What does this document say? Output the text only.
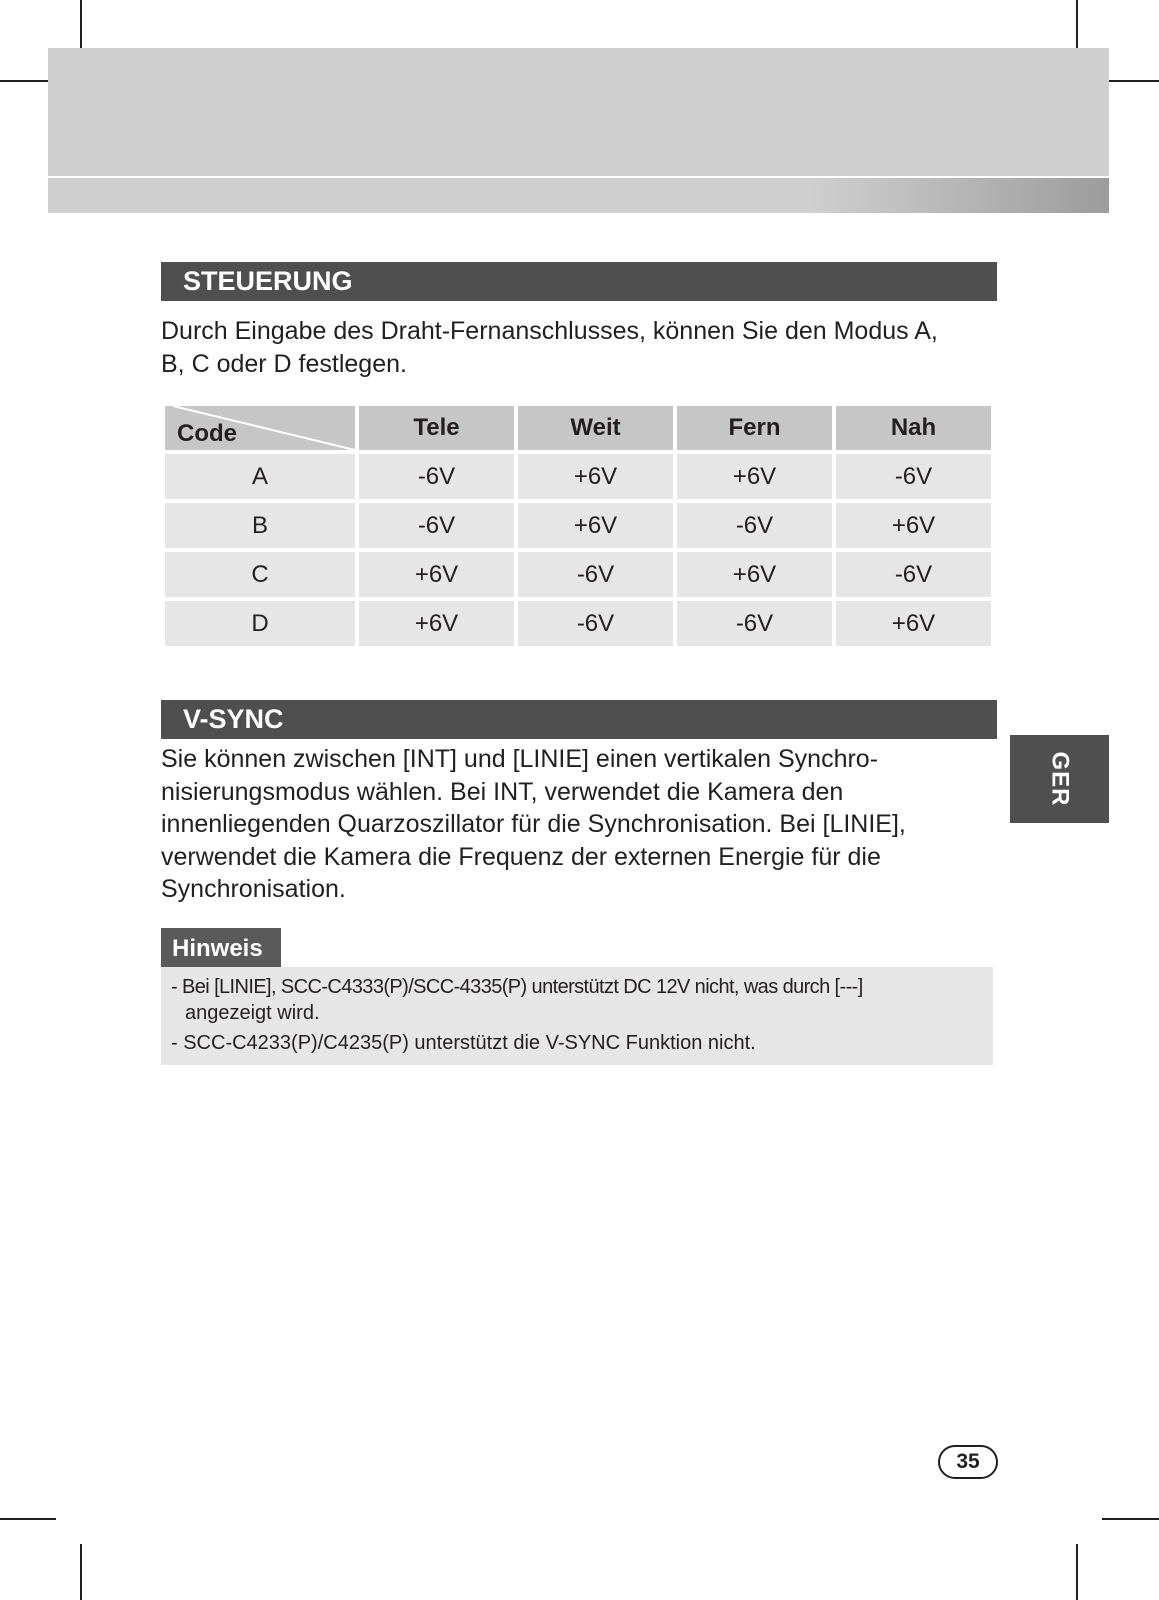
STEUERUNG

Durch Eingabe des Draht-Fernanschlusses, können Sie den Modus A,
B, C oder D festlegen.

Code	Tele	Weit	Fern	Nah
A	-6V	+6V	+6V	-6V
B	-6V	+6V	-6V	+6V
C	+6V	-6V	+6V	-6V
D	+6V	-6V	-6V	+6V
V-SYNC

Sie können zwischen [INT] und [LINIE] einen vertikalen Synchro-
nisierungsmodus wählen. Bei INT, verwendet die Kamera den
innenliegenden Quarzoszillator für die Synchronisation. Bei [LINIE],
verwendet die Kamera die Frequenz der externen Energie für die
Synchronisation.

GER
Hinweis
- Bei [LINIE], SCC-C4333(P)/SCC-4335(P) unterstützt DC 12V nicht, was durch [---]
angezeigt wird.
- SCC-C4233(P)/C4235(P) unterstützt die V-SYNC Funktion nicht.
35
